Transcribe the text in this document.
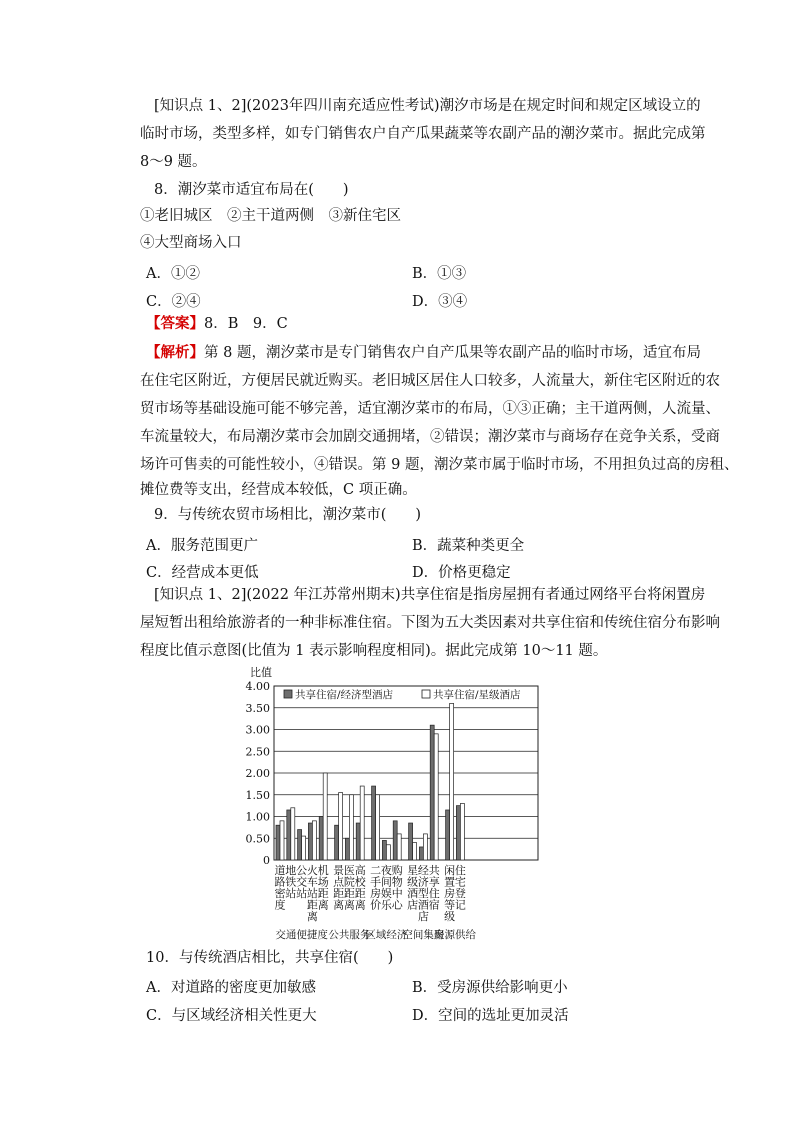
[知识点 1、2](2023年四川南充适应性考试)潮汐市场是在规定时间和规定区域设立的
临时市场，类型多样，如专门销售农户自产瓜果蔬菜等农副产品的潮汐菜市。据此完成第
8～9 题。
8．潮汐菜市适宜布局在(　　)
①老旧城区　②主干道两侧　③新住宅区
④大型商场入口
A．①②	B．①③
C．②④	D．③④
【答案】8．B　9．C
【解析】第 8 题，潮汐菜市是专门销售农户自产瓜果等农副产品的临时市场，适宜布局
在住宅区附近，方便居民就近购买。老旧城区居住人口较多，人流量大，新住宅区附近的农
贸市场等基础设施可能不够完善，适宜潮汐菜市的布局，①③正确；主干道两侧，人流量、
车流量较大，布局潮汐菜市会加剧交通拥堵，②错误；潮汐菜市与商场存在竞争关系，受商
场许可售卖的可能性较小，④错误。第 9 题，潮汐菜市属于临时市场，不用担负过高的房租、
摊位费等支出，经营成本较低，C 项正确。
9．与传统农贸市场相比，潮汐菜市(　　)
A．服务范围更广	B．蔬菜种类更全
C．经营成本更低	D．价格更稳定
[知识点 1、2](2022 年江苏常州期末)共享住宿是指房屋拥有者通过网络平台将闲置房
屋短暂出租给旅游者的一种非标准住宿。下图为五大类因素对共享住宿和传统住宿分布影响
程度比值示意图(比值为 1 表示影响程度相同)。据此完成第 10～11 题。
0
0.50
1.00
1.50
2.00
2.50
3.00
3.50
4.00
比值
共享住宿/经济型酒店	共享住宿/星级酒店
道
路
密
度
地
铁
站
公
交
站
火
车
站
距
离
机
场
距
离
景
点
距
离
医
院
距
离
高
校
距
离
二
手
房
价
夜
间
娱
乐
购
物
中
心
星
级
酒
店
经
济
型
酒
店
共
享
住
宿
闲
置
房
等
级
住
宅
登
记
交通便捷度 公共服务
区域经济
空间集聚
房源供给
10．与传统酒店相比，共享住宿(　　)
A．对道路的密度更加敏感	B．受房源供给影响更小
C．与区域经济相关性更大	D．空间的选址更加灵活
